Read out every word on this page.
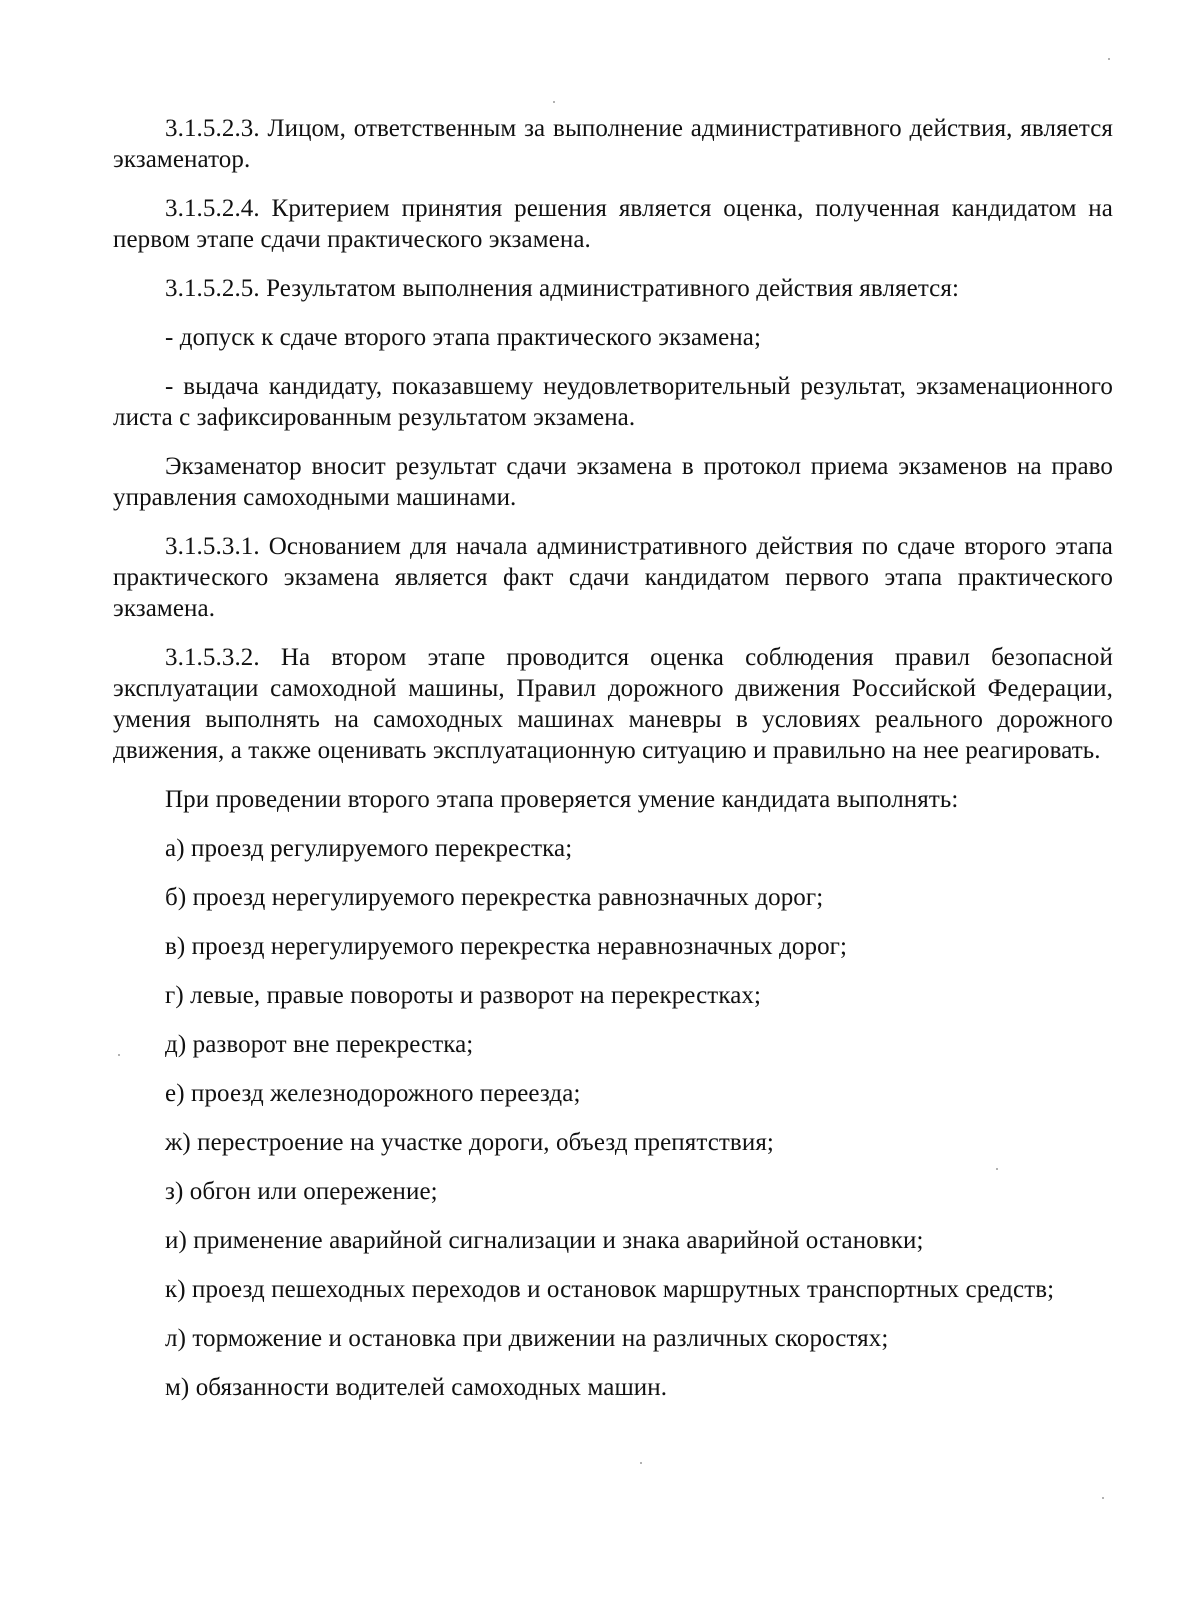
3.1.5.2.3. Лицом, ответственным за выполнение административного действия, является экзаменатор.

3.1.5.2.4. Критерием принятия решения является оценка, полученная кандидатом на первом этапе сдачи практического экзамена.

3.1.5.2.5. Результатом выполнения административного действия является:

- допуск к сдаче второго этапа практического экзамена;

- выдача кандидату, показавшему неудовлетворительный результат, экзаменационного листа с зафиксированным результатом экзамена.

Экзаменатор вносит результат сдачи экзамена в протокол приема экзаменов на право управления самоходными машинами.

3.1.5.3.1. Основанием для начала административного действия по сдаче второго этапа практического экзамена является факт сдачи кандидатом первого этапа практического экзамена.

3.1.5.3.2. На втором этапе проводится оценка соблюдения правил безопасной эксплуатации самоходной машины, Правил дорожного движения Российской Федерации, умения выполнять на самоходных машинах маневры в условиях реального дорожного движения, а также оценивать эксплуатационную ситуацию и правильно на нее реагировать.

При проведении второго этапа проверяется умение кандидата выполнять:

а) проезд регулируемого перекрестка;

б) проезд нерегулируемого перекрестка равнозначных дорог;

в) проезд нерегулируемого перекрестка неравнозначных дорог;

г) левые, правые повороты и разворот на перекрестках;

д) разворот вне перекрестка;

е) проезд железнодорожного переезда;

ж) перестроение на участке дороги, объезд препятствия;

з) обгон или опережение;

и) применение аварийной сигнализации и знака аварийной остановки;

к) проезд пешеходных переходов и остановок маршрутных транспортных средств;

л) торможение и остановка при движении на различных скоростях;

м) обязанности водителей самоходных машин.
